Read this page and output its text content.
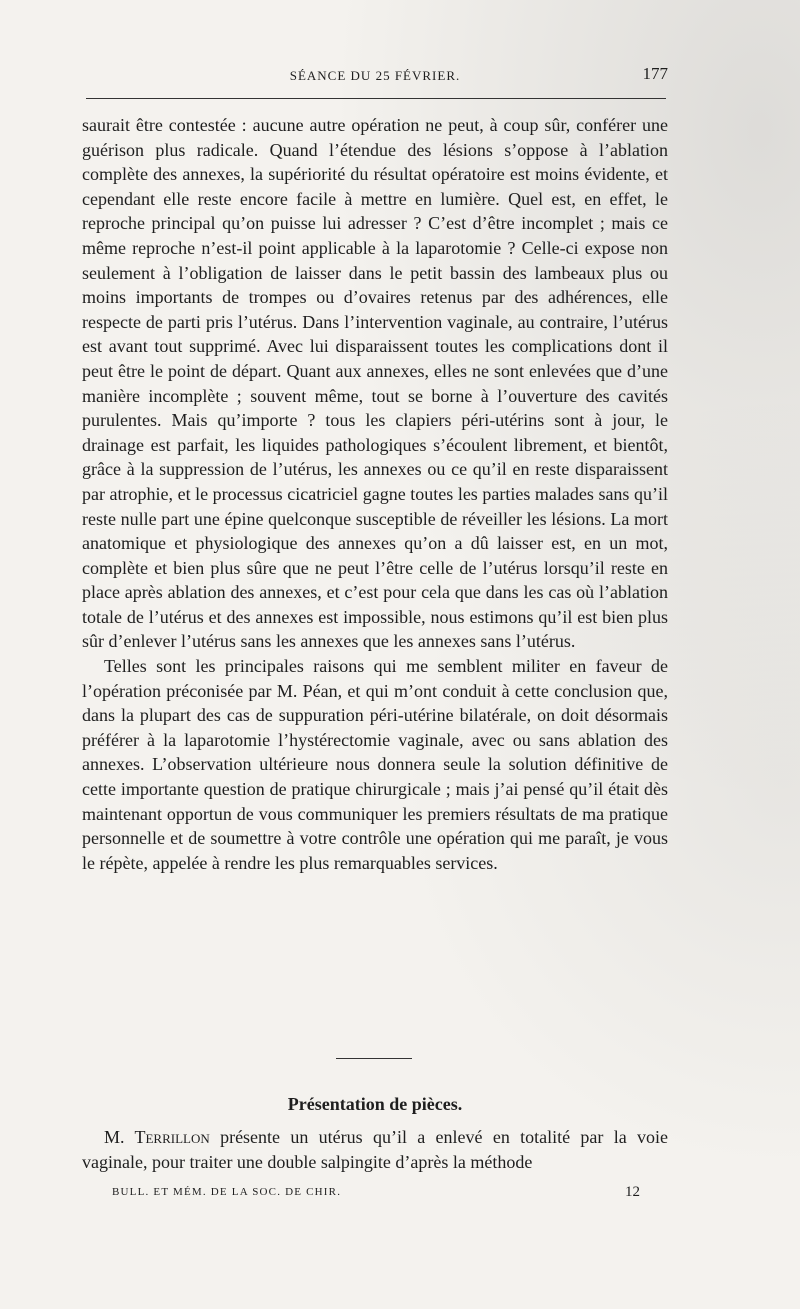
SÉANCE DU 25 FÉVRIER.	177

saurait être contestée : aucune autre opération ne peut, à coup sûr, conférer une guérison plus radicale. Quand l’étendue des lésions s’oppose à l’ablation complète des annexes, la supériorité du résultat opératoire est moins évidente, et cependant elle reste encore facile à mettre en lumière. Quel est, en effet, le reproche principal qu’on puisse lui adresser ? C’est d’être incomplet ; mais ce même reproche n’est-il point applicable à la laparotomie ? Celle-ci expose non seulement à l’obligation de laisser dans le petit bassin des lambeaux plus ou moins importants de trompes ou d’ovaires retenus par des adhérences, elle respecte de parti pris l’utérus. Dans l’intervention vaginale, au contraire, l’utérus est avant tout supprimé. Avec lui disparaissent toutes les complications dont il peut être le point de départ. Quant aux annexes, elles ne sont enlevées que d’une manière incomplète ; souvent même, tout se borne à l’ouverture des cavités purulentes. Mais qu’importe ? tous les clapiers péri-utérins sont à jour, le drainage est parfait, les liquides pathologiques s’écoulent librement, et bientôt, grâce à la suppression de l’utérus, les annexes ou ce qu’il en reste disparaissent par atrophie, et le processus cicatriciel gagne toutes les parties malades sans qu’il reste nulle part une épine quelconque susceptible de réveiller les lésions. La mort anatomique et physiologique des annexes qu’on a dû laisser est, en un mot, complète et bien plus sûre que ne peut l’être celle de l’utérus lorsqu’il reste en place après ablation des annexes, et c’est pour cela que dans les cas où l’ablation totale de l’utérus et des annexes est impossible, nous estimons qu’il est bien plus sûr d’enlever l’utérus sans les annexes que les annexes sans l’utérus.

Telles sont les principales raisons qui me semblent militer en faveur de l’opération préconisée par M. Péan, et qui m’ont conduit à cette conclusion que, dans la plupart des cas de suppuration péri-utérine bilatérale, on doit désormais préférer à la laparotomie l’hystérectomie vaginale, avec ou sans ablation des annexes. L’observation ultérieure nous donnera seule la solution définitive de cette importante question de pratique chirurgicale ; mais j’ai pensé qu’il était dès maintenant opportun de vous communiquer les premiers résultats de ma pratique personnelle et de soumettre à votre contrôle une opération qui me paraît, je vous le répète, appelée à rendre les plus remarquables services.

Présentation de pièces.

M. Terrillon présente un utérus qu’il a enlevé en totalité par la voie vaginale, pour traiter une double salpingite d’après la méthode

BULL. ET MÉM. DE LA SOC. DE CHIR.	12
